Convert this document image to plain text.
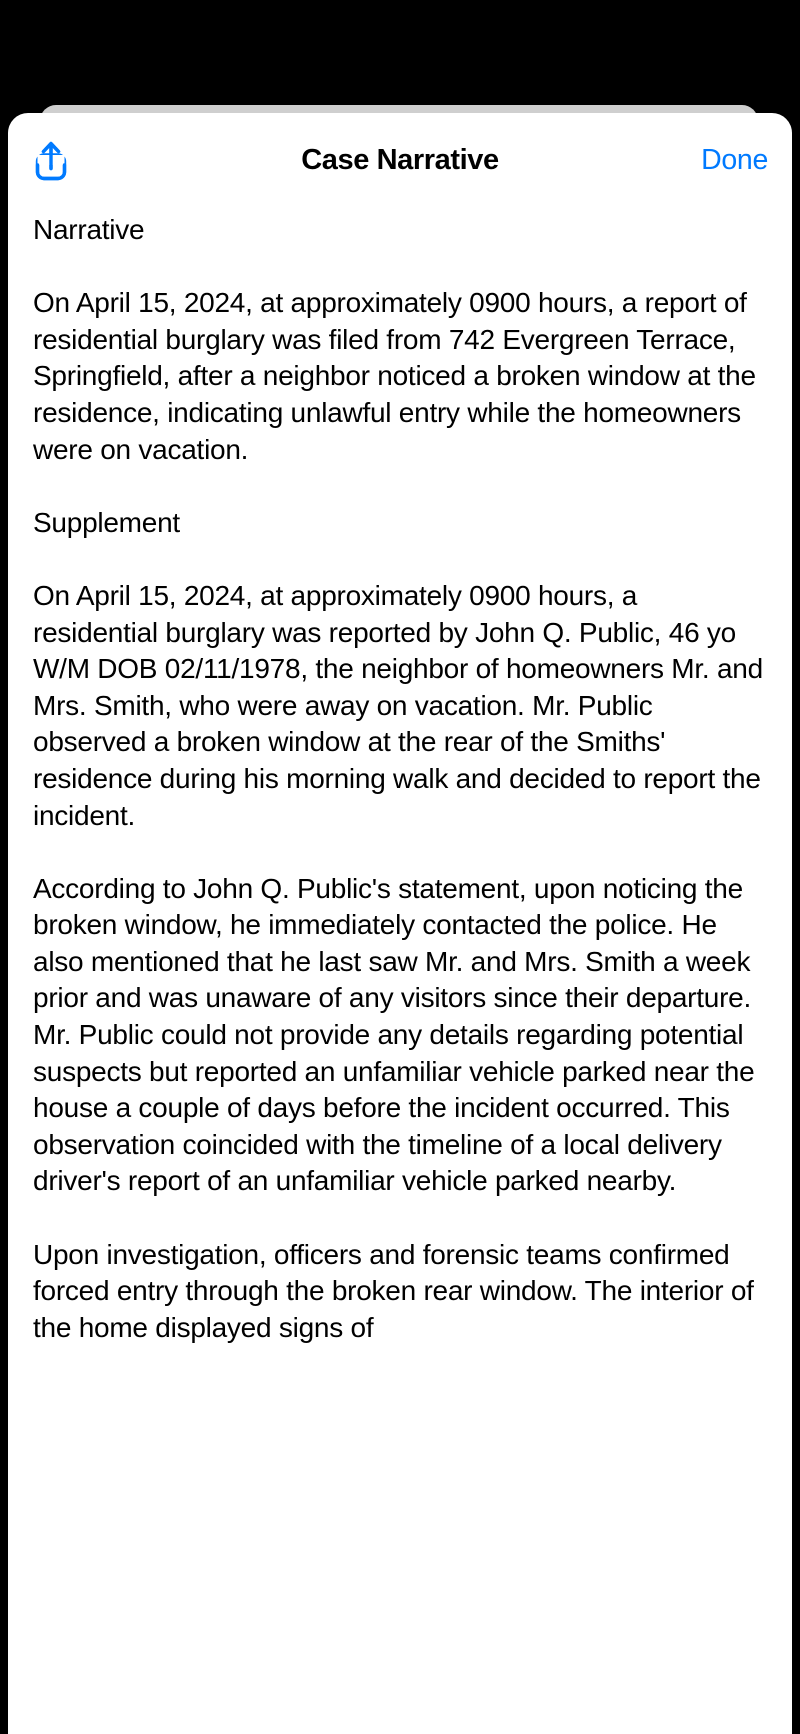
Case Narrative	Done

Narrative

On April 15, 2024, at approximately 0900 hours, a report of residential burglary was filed from 742 Evergreen Terrace, Springfield, after a neighbor noticed a broken window at the residence, indicating unlawful entry while the homeowners were on vacation.

Supplement

On April 15, 2024, at approximately 0900 hours, a residential burglary was reported by John Q. Public, 46 yo W/M DOB 02/11/1978, the neighbor of homeowners Mr. and Mrs. Smith, who were away on vacation. Mr. Public observed a broken window at the rear of the Smiths' residence during his morning walk and decided to report the incident.

According to John Q. Public's statement, upon noticing the broken window, he immediately contacted the police. He also mentioned that he last saw Mr. and Mrs. Smith a week prior and was unaware of any visitors since their departure. Mr. Public could not provide any details regarding potential suspects but reported an unfamiliar vehicle parked near the house a couple of days before the incident occurred. This observation coincided with the timeline of a local delivery driver's report of an unfamiliar vehicle parked nearby.

Upon investigation, officers and forensic teams confirmed forced entry through the broken rear window. The interior of the home displayed signs of
